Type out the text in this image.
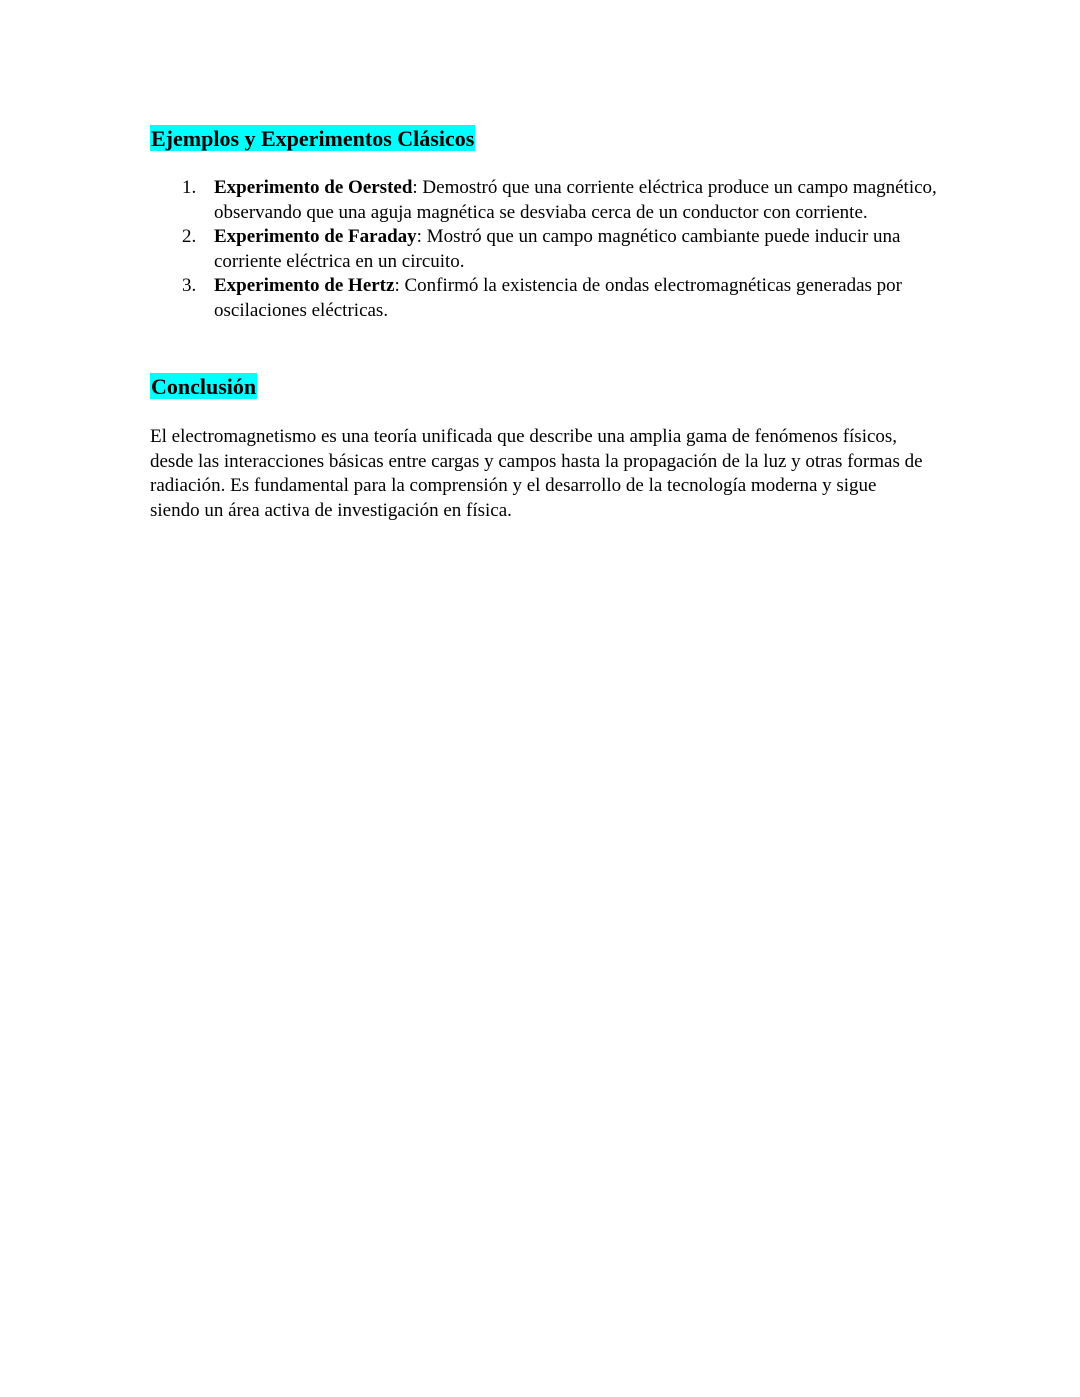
Ejemplos y Experimentos Clásicos
1. Experimento de Oersted: Demostró que una corriente eléctrica produce un campo magnético, observando que una aguja magnética se desviaba cerca de un conductor con corriente.
2. Experimento de Faraday: Mostró que un campo magnético cambiante puede inducir una corriente eléctrica en un circuito.
3. Experimento de Hertz: Confirmó la existencia de ondas electromagnéticas generadas por oscilaciones eléctricas.
Conclusión

El electromagnetismo es una teoría unificada que describe una amplia gama de fenómenos físicos, desde las interacciones básicas entre cargas y campos hasta la propagación de la luz y otras formas de radiación. Es fundamental para la comprensión y el desarrollo de la tecnología moderna y sigue siendo un área activa de investigación en física.
